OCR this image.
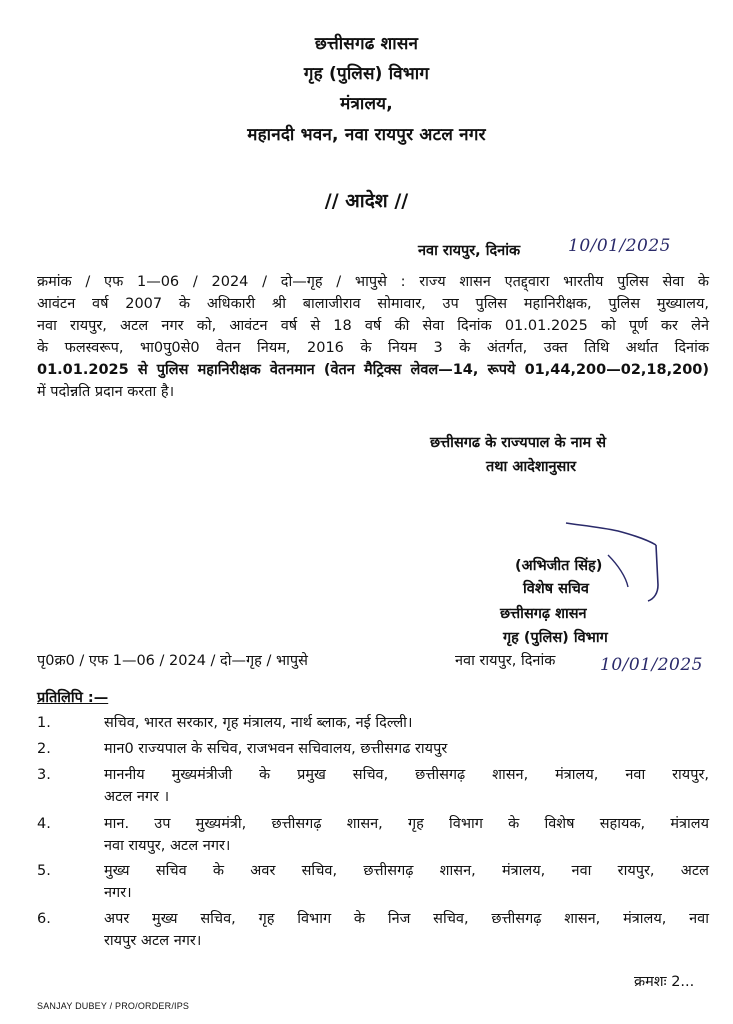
छत्तीसगढ शासन
गृह (पुलिस) विभाग
मंत्रालय,
महानदी भवन, नवा रायपुर अटल नगर
// आदेश //
नवा रायपुर, दिनांक	10/01/2025
क्रमांक / एफ 1—06 / 2024 / दो—गृह / भापुसे : राज्य शासन एतद्द्वारा भारतीय पुलिस सेवा के
आवंटन वर्ष 2007 के अधिकारी श्री बालाजीराव सोमावार, उप पुलिस महानिरीक्षक, पुलिस मुख्यालय,
नवा रायपुर, अटल नगर को, आवंटन वर्ष से 18 वर्ष की सेवा दिनांक 01.01.2025 को पूर्ण कर लेने
के फलस्वरूप, भा0पु0से0 वेतन नियम, 2016 के नियम 3 के अंतर्गत, उक्त तिथि अर्थात दिनांक
01.01.2025 से पुलिस महानिरीक्षक वेतनमान (वेतन मैट्रिक्स लेवल—14, रूपये 01,44,200—02,18,200)
में पदोन्नति प्रदान करता है।
छत्तीसगढ के राज्यपाल के नाम से
तथा आदेशानुसार
(अभिजीत सिंह)
विशेष सचिव
छत्तीसगढ़ शासन
गृह (पुलिस) विभाग
पृ0क्र0 / एफ 1—06 / 2024 / दो—गृह / भापुसे	नवा रायपुर, दिनांक	10/01/2025
प्रतिलिपि :—
1.	सचिव, भारत सरकार, गृह मंत्रालय, नार्थ ब्लाक, नई दिल्ली।
2.	मान0 राज्यपाल के सचिव, राजभवन सचिवालय, छत्तीसगढ रायपुर
3.	माननीय मुख्यमंत्रीजी के प्रमुख सचिव, छत्तीसगढ़ शासन, मंत्रालय, नवा रायपुर,
अटल नगर ।
4.	मान. उप मुख्यमंत्री, छत्तीसगढ़ शासन, गृह विभाग के विशेष सहायक, मंत्रालय
नवा रायपुर, अटल नगर।
5.	मुख्य सचिव के अवर सचिव, छत्तीसगढ़ शासन, मंत्रालय, नवा रायपुर, अटल
नगर।
6.	अपर मुख्य सचिव, गृह विभाग के निज सचिव, छत्तीसगढ़ शासन, मंत्रालय, नवा
रायपुर अटल नगर।
क्रमशः 2...
SANJAY DUBEY / PRO/ORDER/IPS
